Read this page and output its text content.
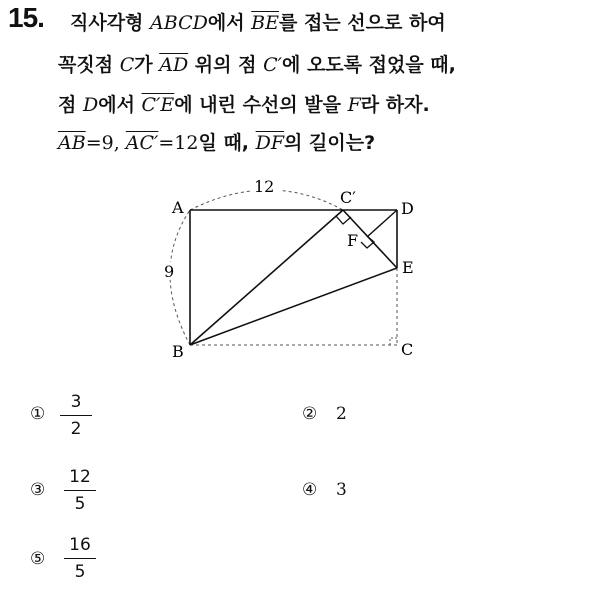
15. 직사각형 ABCD에서 $\overline{BE}$를 접는 선으로 하여
꼭짓점 C가 $\overline{AD}$ 위의 점 C′에 오도록 접었을 때,
점 D에서 C′E에 내린 수선의 발을 F라 하자.
$\overline{AB}=9$, AC′=12일 때, $\overline{DF}$의 길이는?
A
B	C
D
E
F
C′
12
9
①
3
2
② 2
③
12
5
④ 3
⑤
16
5
